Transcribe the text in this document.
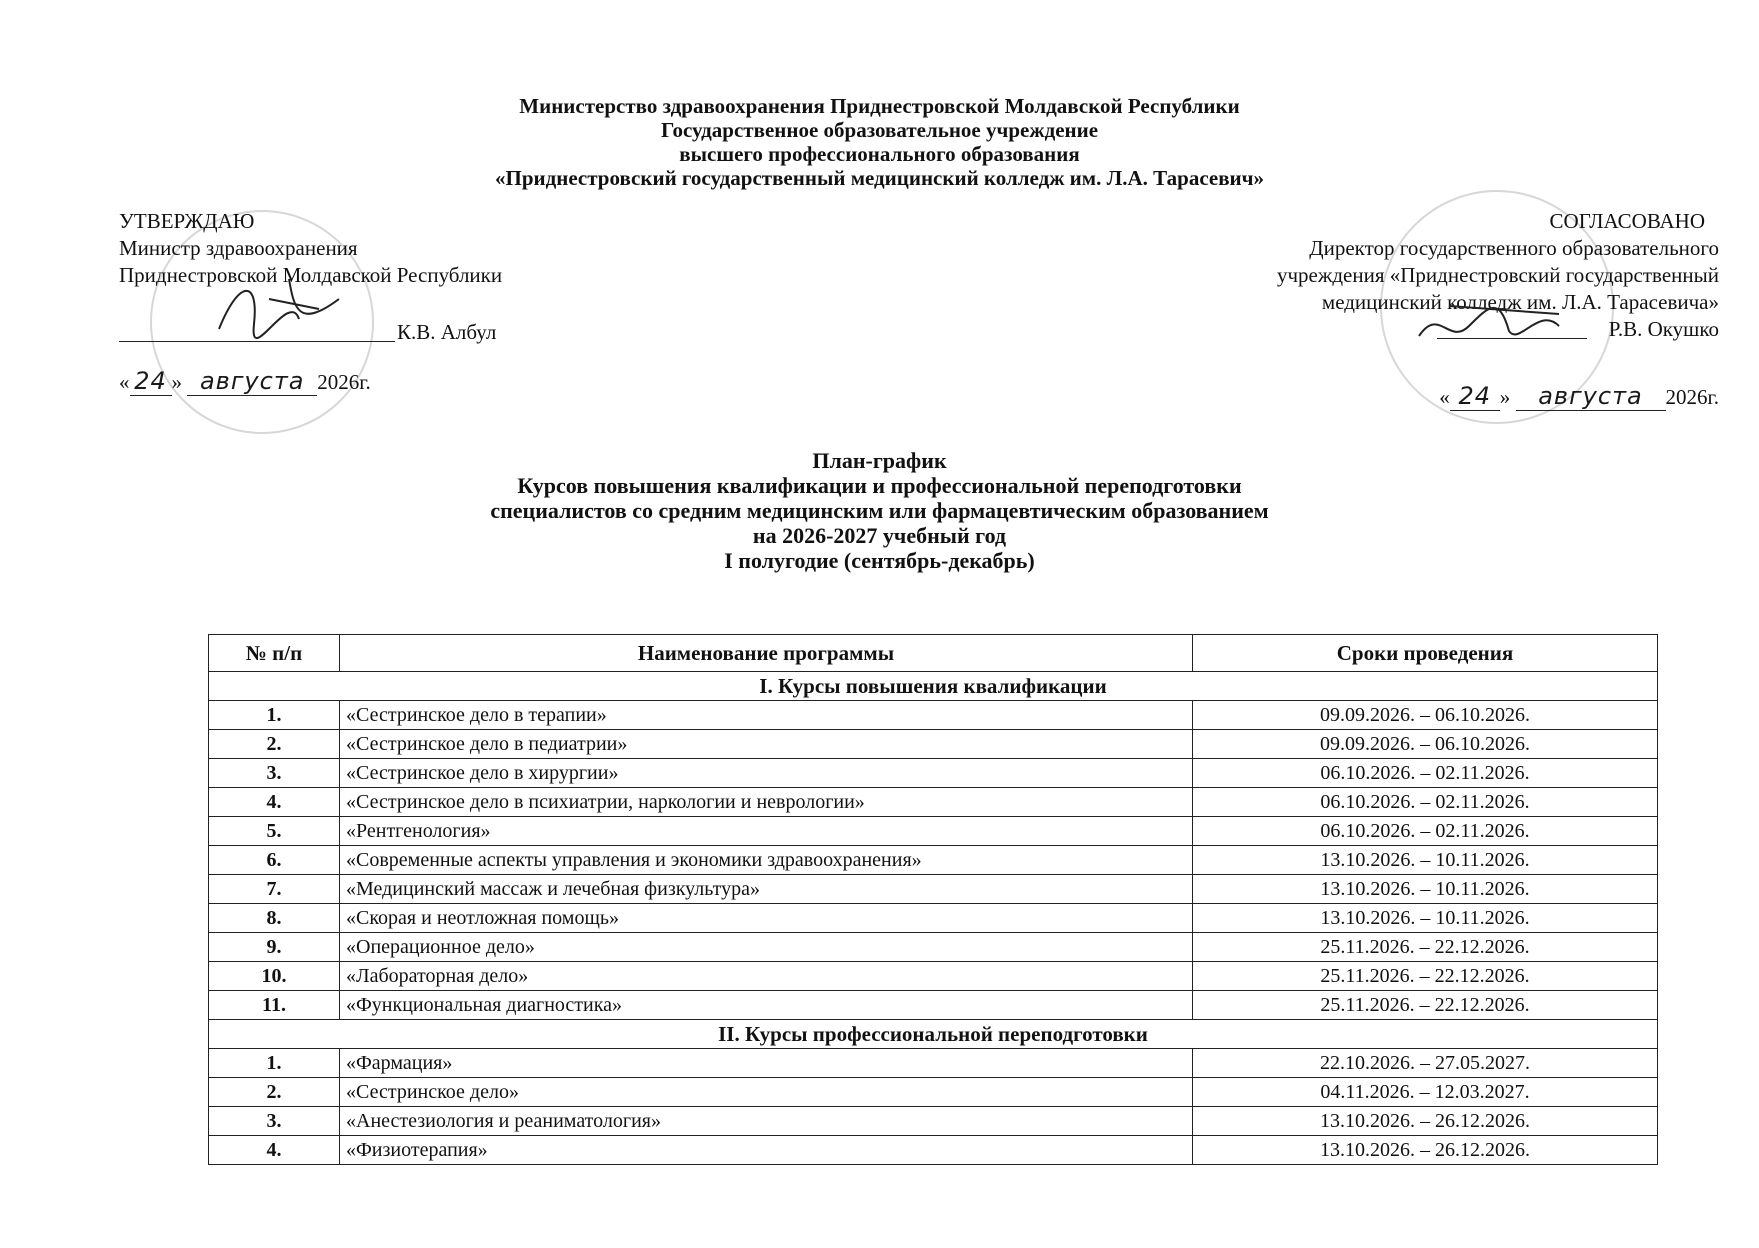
Министерство здравоохранения Приднестровской Молдавской Республики
Государственное образовательное учреждение
высшего профессионального образования
«Приднестровский государственный медицинский колледж им. Л.А. Тарасевич»
УТВЕРЖДАЮ
Министр здравоохранения
Приднестровской Молдавской Республики
К.В. Албул
« 24 » августа 2026г.
СОГЛАСОВАНО
Директор государственного образовательного
учреждения «Приднестровский государственный
медицинский колледж им. Л.А. Тарасевича»
Р.В. Окушко
« 24 » августа 2026г.
План-график
Курсов повышения квалификации и профессиональной переподготовки
специалистов со средним медицинским или фармацевтическим образованием
на 2026-2027 учебный год
I полугодие (сентябрь-декабрь)
№ п/п	Наименование программы	Сроки проведения
I. Курсы повышения квалификации		
1.	«Сестринское дело в терапии»	09.09.2026. – 06.10.2026.
2.	«Сестринское дело в педиатрии»	09.09.2026. – 06.10.2026.
3.	«Сестринское дело в хирургии»	06.10.2026. – 02.11.2026.
4.	«Сестринское дело в психиатрии, наркологии и неврологии»	06.10.2026. – 02.11.2026.
5.	«Рентгенология»	06.10.2026. – 02.11.2026.
6.	«Современные аспекты управления и экономики здравоохранения»	13.10.2026. – 10.11.2026.
7.	«Медицинский массаж и лечебная физкультура»	13.10.2026. – 10.11.2026.
8.	«Скорая и неотложная помощь»	13.10.2026. – 10.11.2026.
9.	«Операционное дело»	25.11.2026. – 22.12.2026.
10.	«Лабораторная дело»	25.11.2026. – 22.12.2026.
11.	«Функциональная диагностика»	25.11.2026. – 22.12.2026.
II. Курсы профессиональной переподготовки		
1.	«Фармация»	22.10.2026. – 27.05.2027.
2.	«Сестринское дело»	04.11.2026. – 12.03.2027.
3.	«Анестезиология и реаниматология»	13.10.2026. – 26.12.2026.
4.	«Физиотерапия»	13.10.2026. – 26.12.2026.
